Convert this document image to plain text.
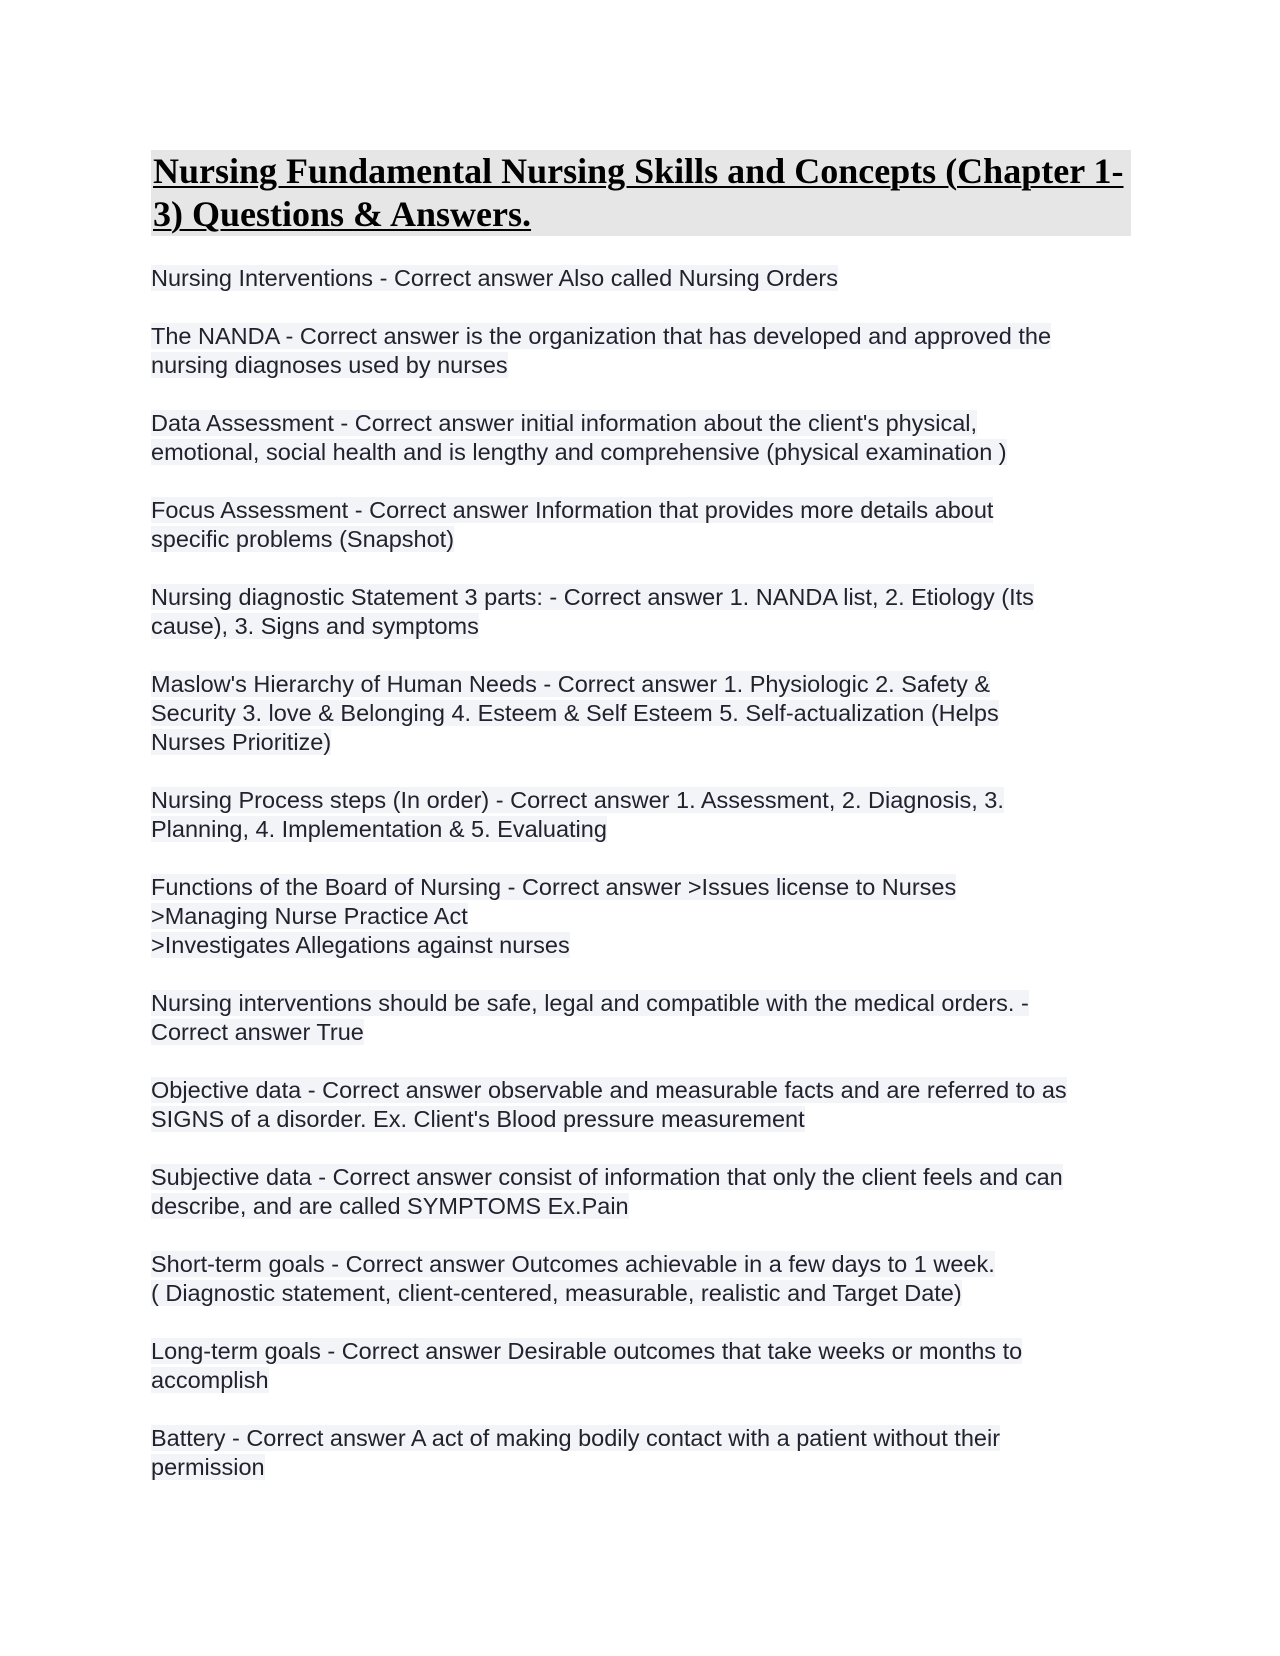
Nursing Fundamental Nursing Skills and Concepts (Chapter 1-3) Questions & Answers.
Nursing Interventions - Correct answer Also called Nursing Orders
The NANDA - Correct answer is the organization that has developed and approved the
nursing diagnoses used by nurses
Data Assessment - Correct answer initial information about the client's physical,
emotional, social health and is lengthy and comprehensive (physical examination )
Focus Assessment - Correct answer Information that provides more details about
specific problems (Snapshot)
Nursing diagnostic Statement 3 parts: - Correct answer 1. NANDA list, 2. Etiology (Its
cause), 3. Signs and symptoms
Maslow's Hierarchy of Human Needs - Correct answer 1. Physiologic 2. Safety &
Security 3. love & Belonging 4. Esteem & Self Esteem 5. Self-actualization (Helps
Nurses Prioritize)
Nursing Process steps (In order) - Correct answer 1. Assessment, 2. Diagnosis, 3.
Planning, 4. Implementation & 5. Evaluating
Functions of the Board of Nursing - Correct answer >Issues license to Nurses
>Managing Nurse Practice Act
>Investigates Allegations against nurses
Nursing interventions should be safe, legal and compatible with the medical orders. -
Correct answer True
Objective data - Correct answer observable and measurable facts and are referred to as
SIGNS of a disorder. Ex. Client's Blood pressure measurement
Subjective data - Correct answer consist of information that only the client feels and can
describe, and are called SYMPTOMS Ex.Pain
Short-term goals - Correct answer Outcomes achievable in a few days to 1 week.
( Diagnostic statement, client-centered, measurable, realistic and Target Date)
Long-term goals - Correct answer Desirable outcomes that take weeks or months to
accomplish
Battery - Correct answer A act of making bodily contact with a patient without their
permission
